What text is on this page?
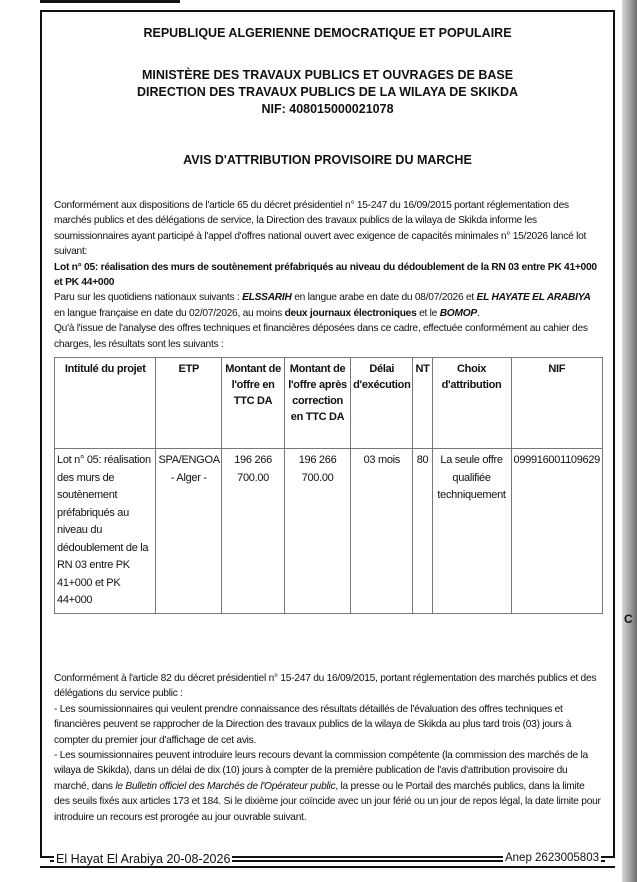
REPUBLIQUE ALGERIENNE DEMOCRATIQUE ET POPULAIRE
MINISTÈRE DES TRAVAUX PUBLICS ET OUVRAGES DE BASE
DIRECTION DES TRAVAUX PUBLICS DE LA WILAYA DE SKIKDA
NIF: 408015000021078
AVIS D'ATTRIBUTION PROVISOIRE DU MARCHE
Conformément aux dispositions de l'article 65 du décret présidentiel n° 15-247 du 16/09/2015 portant réglementation des marchés publics et des délégations de service, la Direction des travaux publics de la wilaya de Skikda informe les soumissionnaires ayant participé à l'appel d'offres national ouvert avec exigence de capacités minimales n° 15/2026 lancé lot suivant:
Lot n° 05: réalisation des murs de soutènement préfabriqués au niveau du dédoublement de la RN 03 entre PK 41+000 et PK 44+000
Paru sur les quotidiens nationaux suivants : ELSSARIH en langue arabe en date du 08/07/2026 et EL HAYATE EL ARABIYA en langue française en date du 02/07/2026, au moins deux journaux électroniques et le BOMOP.
Qu'à l'issue de l'analyse des offres techniques et financières déposées dans ce cadre, effectuée conformément au cahier des charges, les résultats sont les suivants :
Intitulé du projet	ETP	Montant de l'offre en TTC DA	Montant de l'offre après correction en TTC DA	Délai d'exécution	NT	Choix d'attribution	NIF
Lot n° 05: réalisation des murs de soutènement préfabriqués au niveau du dédoublement de la RN 03 entre PK 41+000 et PK 44+000	SPA/ENGOA - Alger -	196 266 700.00	196 266 700.00	03 mois	80	La seule offre qualifiée techniquement	099916001109629
Conformément à l'article 82 du décret présidentiel n° 15-247 du 16/09/2015, portant réglementation des marchés publics et des délégations du service public :
- Les soumissionnaires qui veulent prendre connaissance des résultats détaillés de l'évaluation des offres techniques et financières peuvent se rapprocher de la Direction des travaux publics de la wilaya de Skikda au plus tard trois (03) jours à compter du premier jour d'affichage de cet avis.
- Les soumissionnaires peuvent introduire leurs recours devant la commission compétente (la commission des marchés de la wilaya de Skikda), dans un délai de dix (10) jours à compter de la première publication de l'avis d'attribution provisoire du marché, dans le Bulletin officiel des Marchés de l'Opérateur public, la presse ou le Portail des marchés publics, dans la limite des seuils fixés aux articles 173 et 184. Si le dixième jour coïncide avec un jour férié ou un jour de repos légal, la date limite pour introduire un recours est prorogée au jour ouvrable suivant.
El Hayat El Arabiya 20-08-2026	Anep 2623005803
C
